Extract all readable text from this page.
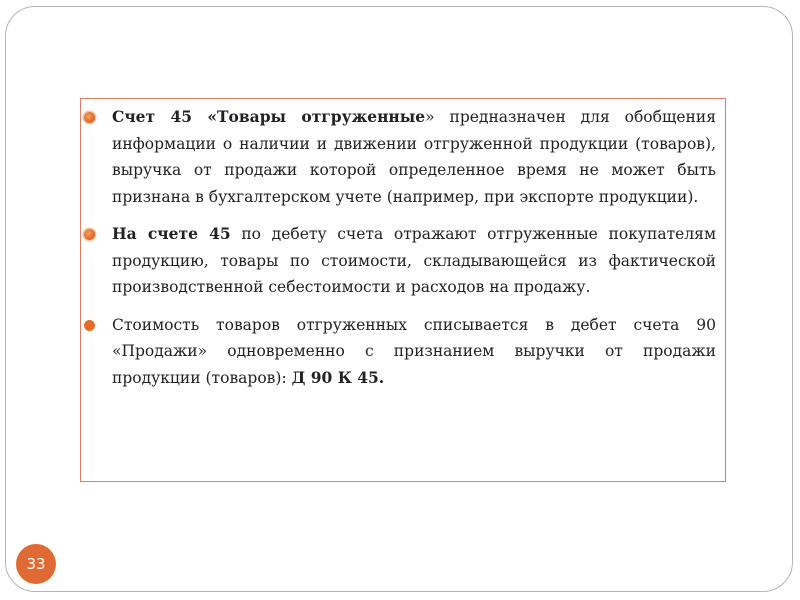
Счет 45 «Товары отгруженные» предназначен для обобщения информации о наличии и движении отгруженной продукции (товаров), выручка от продажи которой определенное время не может быть признана в бухгалтерском учете (например, при экспорте продукции).
На счете 45 по дебету счета отражают отгруженные покупателям продукцию, товары по стоимости, складывающейся из фактической производственной себестоимости и расходов на продажу.
Стоимость товаров отгруженных списывается в дебет счета 90 «Продажи» одновременно с признанием выручки от продажи продукции (товаров): Д 90 К 45.
33
